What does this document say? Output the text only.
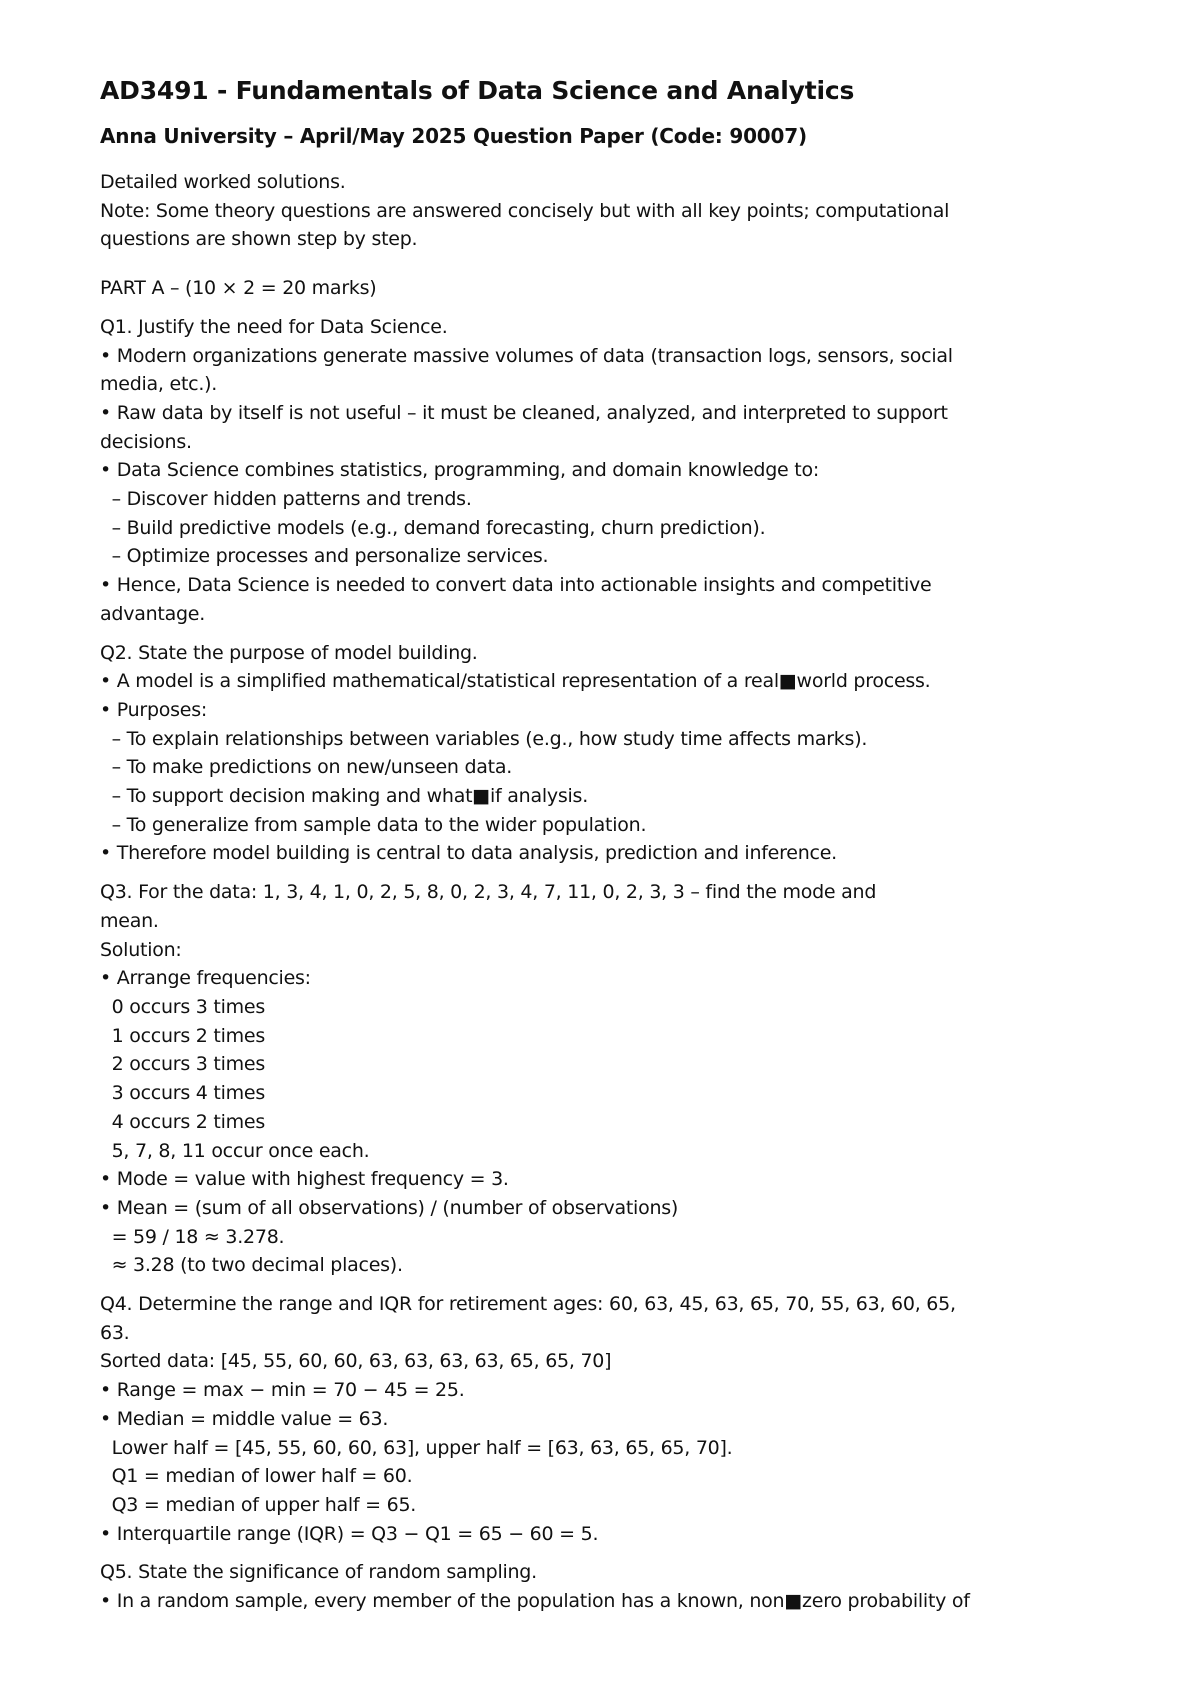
AD3491 - Fundamentals of Data Science and Analytics
Anna University – April/May 2025 Question Paper (Code: 90007)
Detailed worked solutions.
Note: Some theory questions are answered concisely but with all key points; computational
questions are shown step by step.
PART A – (10 × 2 = 20 marks)
Q1. Justify the need for Data Science.
• Modern organizations generate massive volumes of data (transaction logs, sensors, social
media, etc.).
• Raw data by itself is not useful – it must be cleaned, analyzed, and interpreted to support
decisions.
• Data Science combines statistics, programming, and domain knowledge to:
– Discover hidden patterns and trends.
– Build predictive models (e.g., demand forecasting, churn prediction).
– Optimize processes and personalize services.
• Hence, Data Science is needed to convert data into actionable insights and competitive
advantage.
Q2. State the purpose of model building.
• A model is a simplified mathematical/statistical representation of a real■world process.
• Purposes:
– To explain relationships between variables (e.g., how study time affects marks).
– To make predictions on new/unseen data.
– To support decision making and what■if analysis.
– To generalize from sample data to the wider population.
• Therefore model building is central to data analysis, prediction and inference.
Q3. For the data: 1, 3, 4, 1, 0, 2, 5, 8, 0, 2, 3, 4, 7, 11, 0, 2, 3, 3 – find the mode and
mean.
Solution:
• Arrange frequencies:
0 occurs 3 times
1 occurs 2 times
2 occurs 3 times
3 occurs 4 times
4 occurs 2 times
5, 7, 8, 11 occur once each.
• Mode = value with highest frequency = 3.
• Mean = (sum of all observations) / (number of observations)
= 59 / 18 ≈ 3.278.
≈ 3.28 (to two decimal places).
Q4. Determine the range and IQR for retirement ages: 60, 63, 45, 63, 65, 70, 55, 63, 60, 65,
63.
Sorted data: [45, 55, 60, 60, 63, 63, 63, 63, 65, 65, 70]
• Range = max − min = 70 − 45 = 25.
• Median = middle value = 63.
Lower half = [45, 55, 60, 60, 63], upper half = [63, 63, 65, 65, 70].
Q1 = median of lower half = 60.
Q3 = median of upper half = 65.
• Interquartile range (IQR) = Q3 − Q1 = 65 − 60 = 5.
Q5. State the significance of random sampling.
• In a random sample, every member of the population has a known, non■zero probability of
